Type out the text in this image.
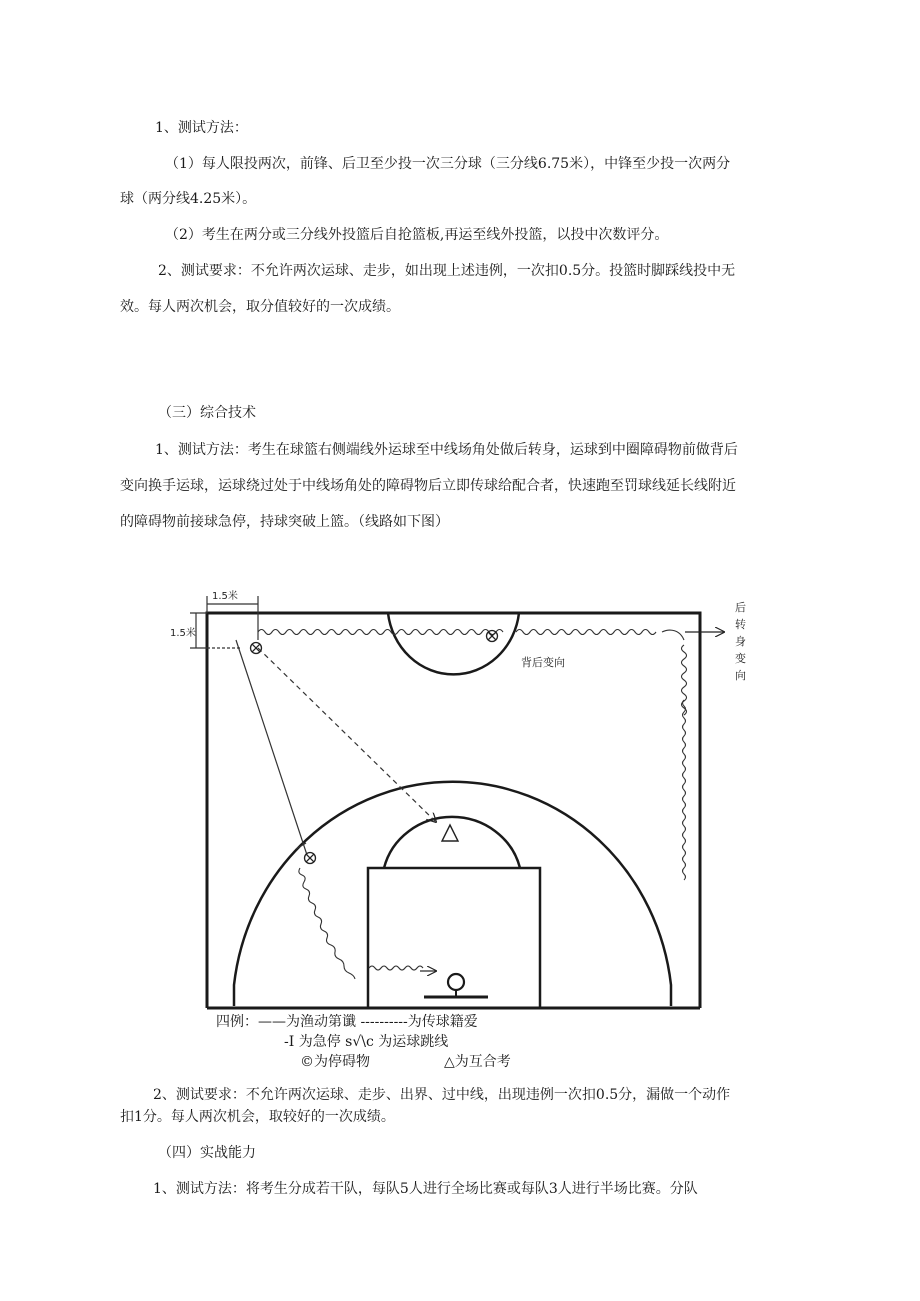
1、测试方法：
（1）每人限投两次，前锋、后卫至少投一次三分球（三分线6.75米），中锋至少投一次两分
球（两分线4.25米）。
（2）考生在两分或三分线外投篮后自抢篮板,再运至线外投篮，以投中次数评分。
2、测试要求：不允许两次运球、走步，如出现上述违例，一次扣0.5分。投篮时脚踩线投中无
效。每人两次机会，取分值较好的一次成绩。
（三）综合技术
1、测试方法：考生在球篮右侧端线外运球至中线场角处做后转身，运球到中圈障碍物前做背后
变向换手运球，运球绕过处于中线场角处的障碍物后立即传球给配合者，快速跑至罚球线延长线附近
的障碍物前接球急停，持球突破上篮。（线路如下图）
1.5米
1.5米
后
转
身
变
向
背后变向
四例：——为渔动第谶 ----------为传球籍爱
-I 为急停 s√\c 为运球跳线
©为停碍物	△为互合考
2、测试要求：不允许两次运球、走步、出界、过中线，出现违例一次扣0.5分，漏做一个动作
扣1分。每人两次机会，取较好的一次成绩。
（四）实战能力
1、测试方法：将考生分成若干队，每队5人进行全场比赛或每队3人进行半场比赛。分队
